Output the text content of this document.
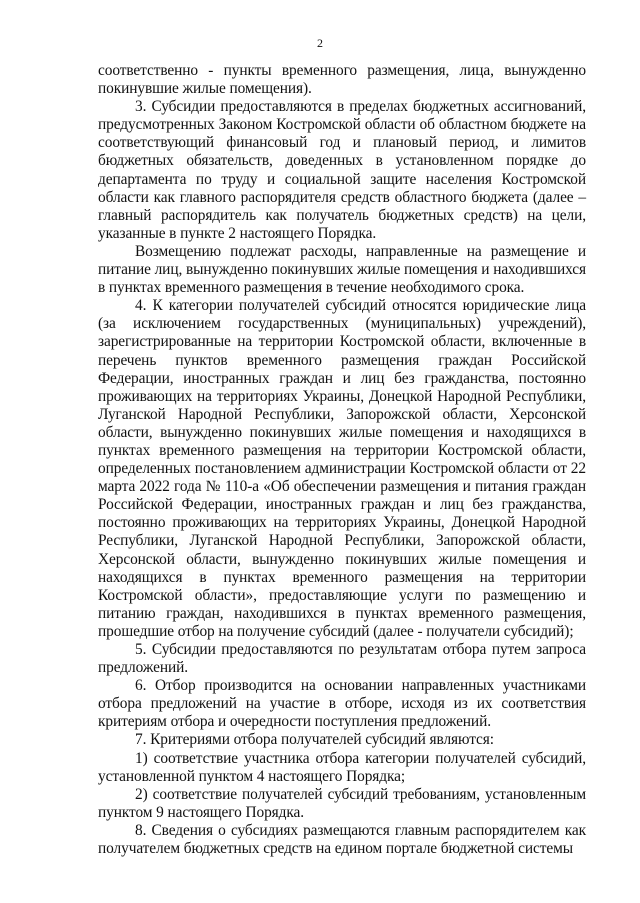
2

соответственно - пункты временного размещения, лица, вынужденно покинувшие жилые помещения).

3. Субсидии предоставляются в пределах бюджетных ассигнований, предусмотренных Законом Костромской области об областном бюджете на соответствующий финансовый год и плановый период, и лимитов бюджетных обязательств, доведенных в установленном порядке до департамента по труду и социальной защите населения Костромской области как главного распорядителя средств областного бюджета (далее – главный распорядитель как получатель бюджетных средств) на цели, указанные в пункте 2 настоящего Порядка.

Возмещению подлежат расходы, направленные на размещение и питание лиц, вынужденно покинувших жилые помещения и находившихся в пунктах временного размещения в течение необходимого срока.

4. К категории получателей субсидий относятся юридические лица (за исключением государственных (муниципальных) учреждений), зарегистрированные на территории Костромской области, включенные в перечень пунктов временного размещения граждан Российской Федерации, иностранных граждан и лиц без гражданства, постоянно проживающих на территориях Украины, Донецкой Народной Республики, Луганской Народной Республики, Запорожской области, Херсонской области, вынужденно покинувших жилые помещения и находящихся в пунктах временного размещения на территории Костромской области, определенных постановлением администрации Костромской области от 22 марта 2022 года № 110-а «Об обеспечении размещения и питания граждан Российской Федерации, иностранных граждан и лиц без гражданства, постоянно проживающих на территориях Украины, Донецкой Народной Республики, Луганской Народной Республики, Запорожской области, Херсонской области, вынужденно покинувших жилые помещения и находящихся в пунктах временного размещения на территории Костромской области», предоставляющие услуги по размещению и питанию граждан, находившихся в пунктах временного размещения, прошедшие отбор на получение субсидий (далее - получатели субсидий);

5. Субсидии предоставляются по результатам отбора путем запроса предложений.

6. Отбор производится на основании направленных участниками отбора предложений на участие в отборе, исходя из их соответствия критериям отбора и очередности поступления предложений.

7. Критериями отбора получателей субсидий являются:

1) соответствие участника отбора категории получателей субсидий, установленной пунктом 4 настоящего Порядка;

2) соответствие получателей субсидий требованиям, установленным пунктом 9 настоящего Порядка.

8. Сведения о субсидиях размещаются главным распорядителем как получателем бюджетных средств на едином портале бюджетной системы
